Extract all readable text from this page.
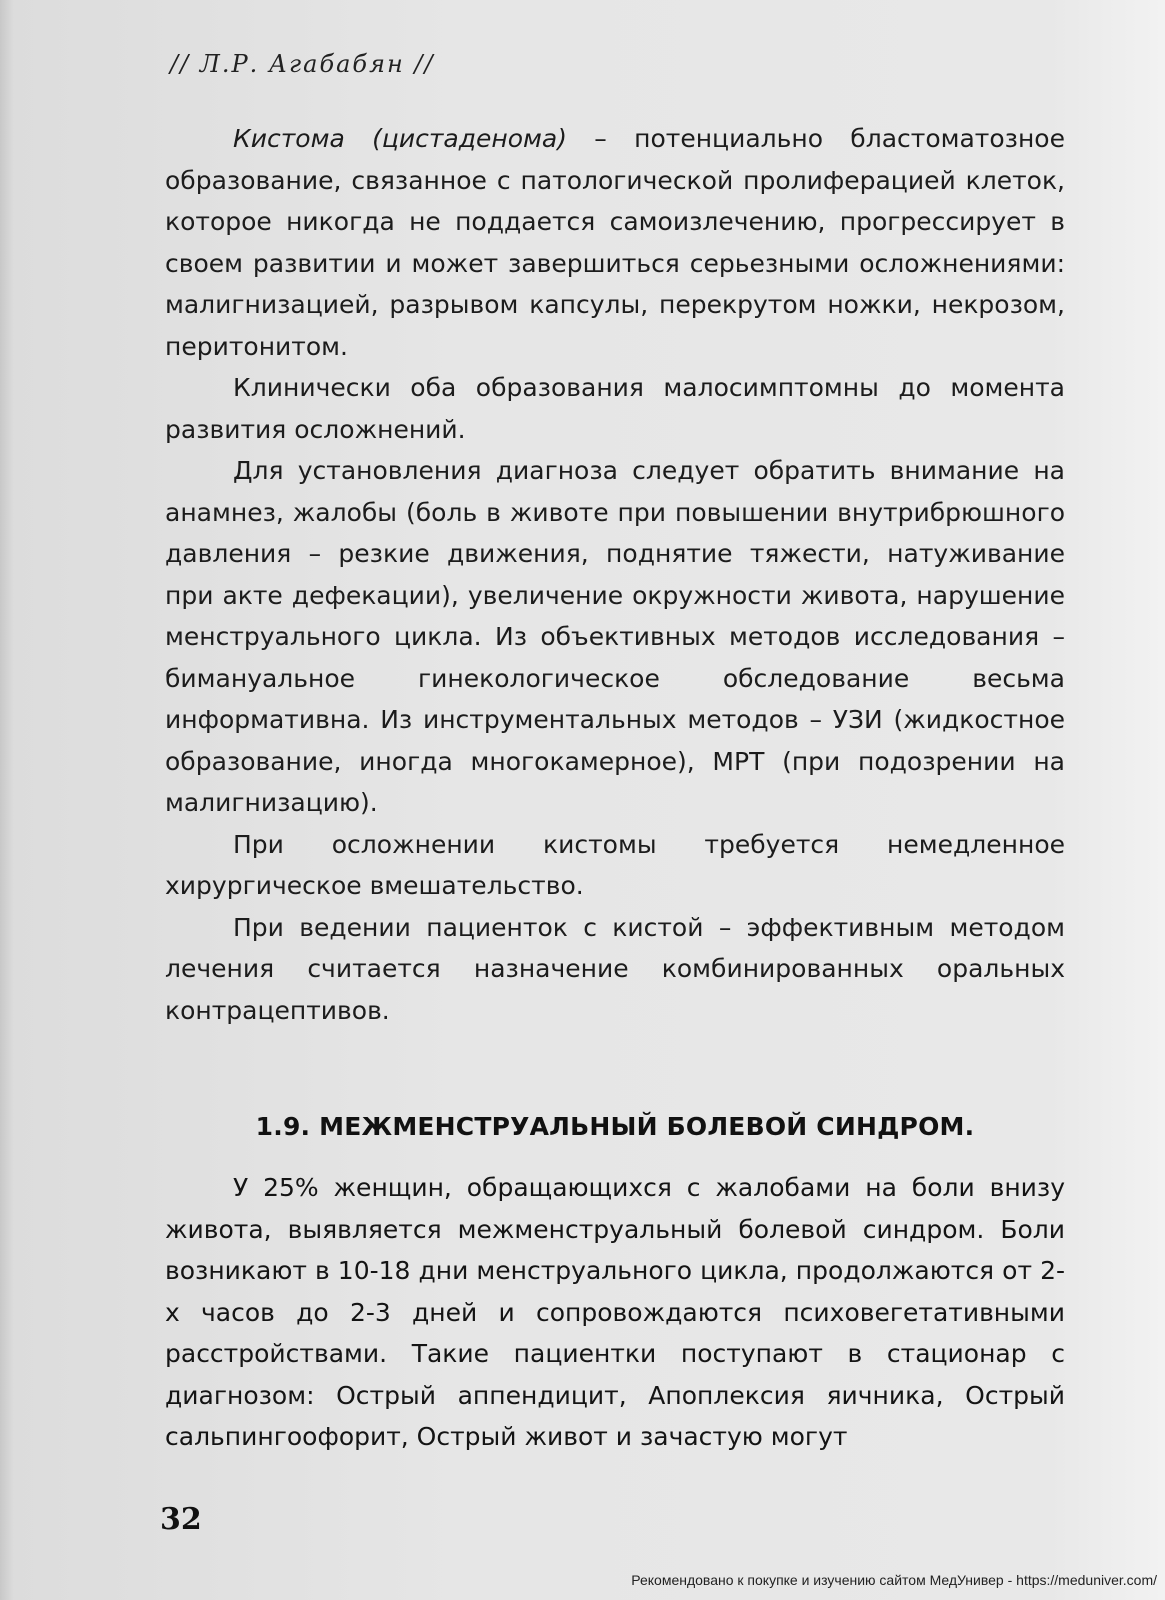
// Л.Р. Агабабян //

Кистома (цистаденома) – потенциально бластоматозное образование, связанное с патологической пролиферацией клеток, которое никогда не поддается самоизлечению, прогрессирует в своем развитии и может завершиться серьезными осложнениями: малигнизацией, разрывом капсулы, перекрутом ножки, некрозом, перитонитом.

Клинически оба образования малосимптомны до момента развития осложнений.

Для установления диагноза следует обратить внимание на анамнез, жалобы (боль в животе при повышении внутрибрюшного давления – резкие движения, поднятие тяжести, натуживание при акте дефекации), увеличение окружности живота, нарушение менструального цикла. Из объективных методов исследования – бимануальное гинекологическое обследование весьма информативна. Из инструментальных методов – УЗИ (жидкостное образование, иногда многокамерное), МРТ (при подозрении на малигнизацию).

При осложнении кистомы требуется немедленное хирургическое вмешательство.

При ведении пациенток с кистой – эффективным методом лечения считается назначение комбинированных оральных контрацептивов.

1.9. МЕЖМЕНСТРУАЛЬНЫЙ БОЛЕВОЙ СИНДРОМ.

У 25% женщин, обращающихся с жалобами на боли внизу живота, выявляется межменструальный болевой синдром. Боли возникают в 10-18 дни менструального цикла, продолжаются от 2-х часов до 2-3 дней и сопровождаются психовегетативными расстройствами. Такие пациентки поступают в стационар с диагнозом: Острый аппендицит, Апоплексия яичника, Острый сальпингоофорит, Острый живот и зачастую могут

32
Рекомендовано к покупке и изучению сайтом МедУнивер - https://meduniver.com/
